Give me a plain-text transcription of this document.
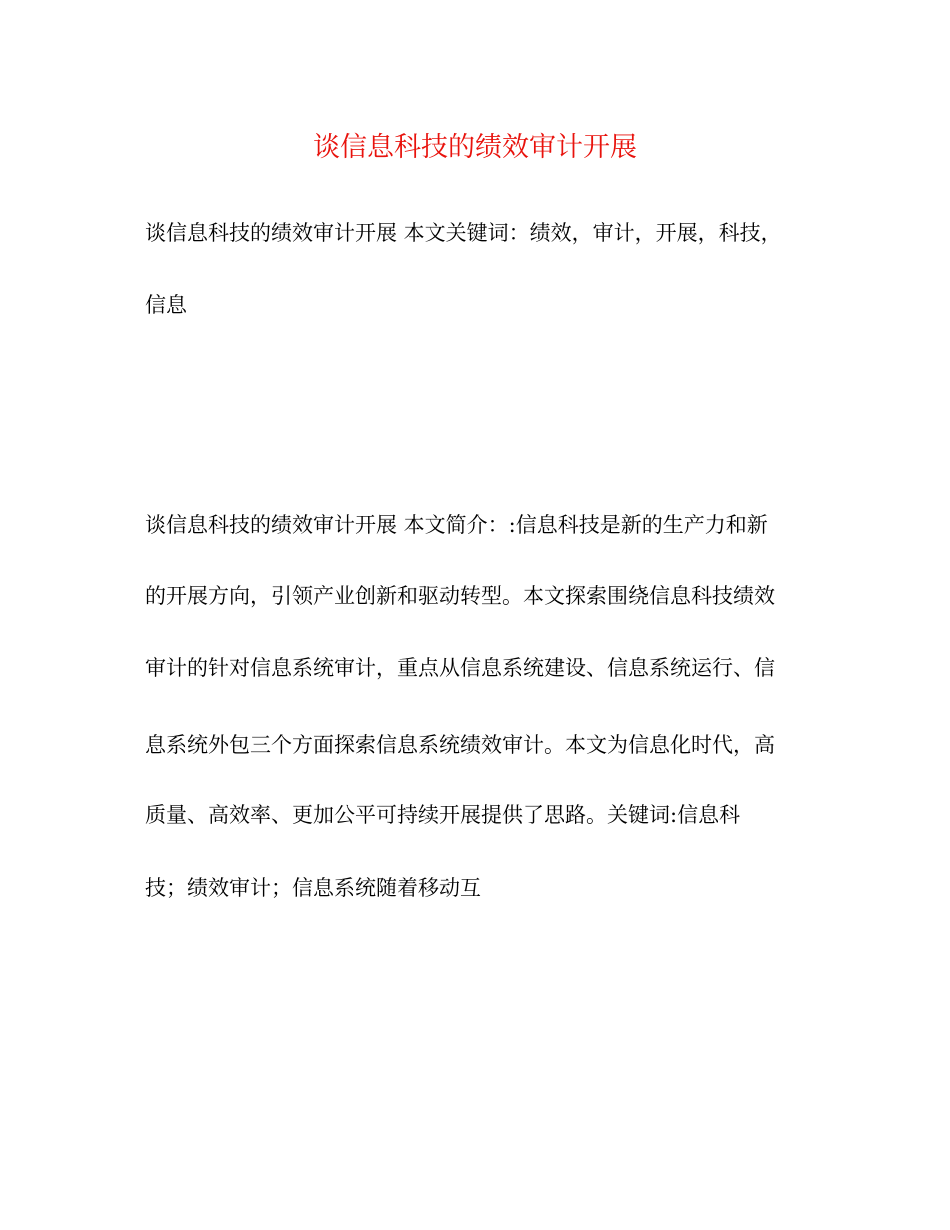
谈信息科技的绩效审计开展
谈信息科技的绩效审计开展 本文关键词：绩效，审计，开展，科技，
信息
谈信息科技的绩效审计开展 本文简介：:信息科技是新的生产力和新
的开展方向，引领产业创新和驱动转型。本文探索围绕信息科技绩效
审计的针对信息系统审计，重点从信息系统建设、信息系统运行、信
息系统外包三个方面探索信息系统绩效审计。本文为信息化时代，高
质量、高效率、更加公平可持续开展提供了思路。关键词:信息科
技；绩效审计；信息系统随着移动互
